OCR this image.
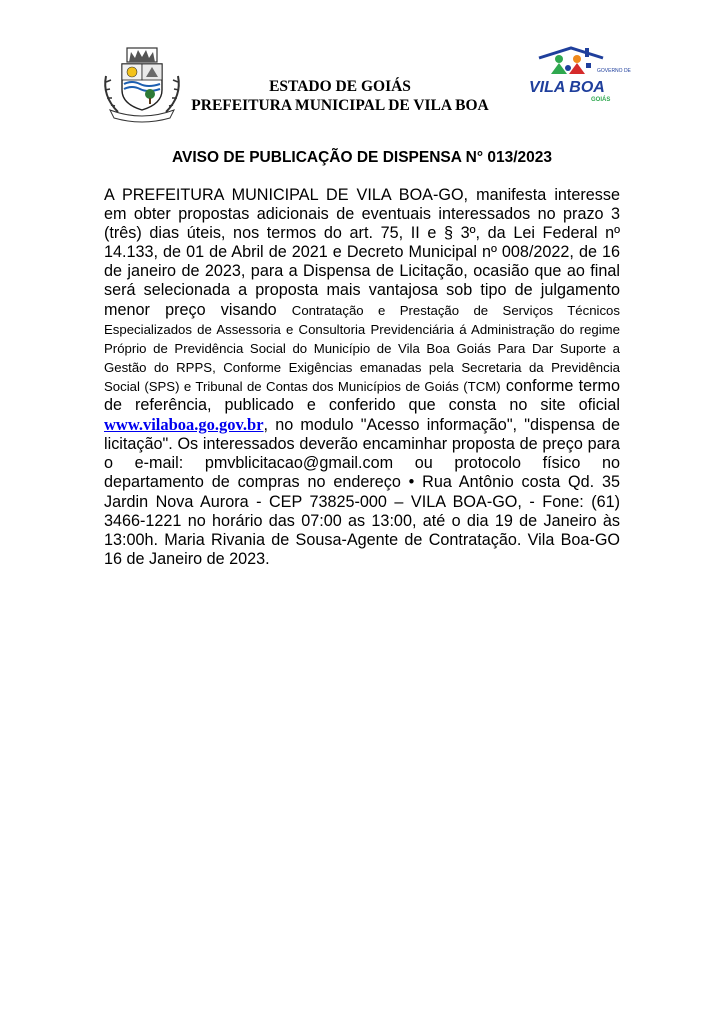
ESTADO DE GOIÁS
PREFEITURA MUNICIPAL DE VILA BOA
GOVERNO DE
VILA BOA
GOIÁS
AVISO DE PUBLICAÇÃO DE DISPENSA N° 013/2023
A PREFEITURA MUNICIPAL DE VILA BOA-GO, manifesta interesse em obter propostas adicionais de eventuais interessados no prazo 3 (três) dias úteis, nos termos do art. 75, II e § 3º, da Lei Federal nº 14.133, de 01 de Abril de 2021 e Decreto Municipal nº 008/2022, de 16 de janeiro de 2023, para a Dispensa de Licitação, ocasião que ao final será selecionada a proposta mais vantajosa sob tipo de julgamento menor preço visando Contratação e Prestação de Serviços Técnicos Especializados de Assessoria e Consultoria Previdenciária á Administração do regime Próprio de Previdência Social do Município de Vila Boa Goiás Para Dar Suporte a Gestão do RPPS, Conforme Exigências emanadas pela Secretaria da Previdência Social (SPS) e Tribunal de Contas dos Municípios de Goiás (TCM) conforme termo de referência, publicado e conferido que consta no site oficial www.vilaboa.go.gov.br, no modulo "Acesso informação", "dispensa de licitação". Os interessados deverão encaminhar proposta de preço para o e-mail: pmvblicitacao@gmail.com ou protocolo físico no departamento de compras no endereço • Rua Antônio costa Qd. 35 Jardin Nova Aurora - CEP 73825-000 – VILA BOA-GO, - Fone: (61) 3466-1221 no horário das 07:00 as 13:00, até o dia 19 de Janeiro às 13:00h. Maria Rivania de Sousa-Agente de Contratação. Vila Boa-GO 16 de Janeiro de 2023.
